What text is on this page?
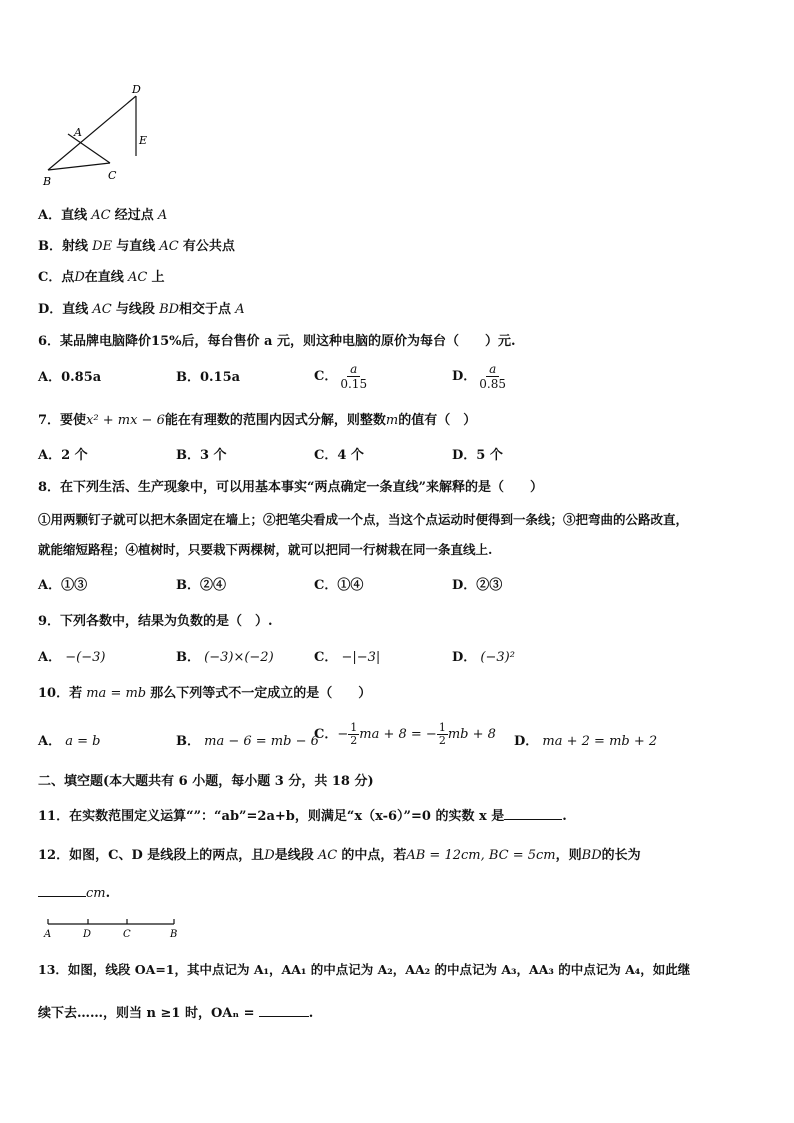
D
A
E
B	C
A．直线 AC 经过点 A
B．射线 DE 与直线 AC 有公共点
C．点D在直线 AC 上
D．直线 AC 与线段 BD相交于点 A
6．某品牌电脑降价15%后，每台售价 a 元，则这种电脑的原价为每台（　　）元.
A．0.85a	B．0.15a	C． $\frac{a}{0.15}$	D． $\frac{a}{0.85}$
7．要使x² + mx − 6能在有理数的范围内因式分解，则整数m的值有（　）
A．2 个	B．3 个	C．4 个	D．5 个
8．在下列生活、生产现象中，可以用基本事实“两点确定一条直线”来解释的是（　　）
①用两颗钉子就可以把木条固定在墙上；②把笔尖看成一个点，当这个点运动时便得到一条线；③把弯曲的公路改直，
就能缩短路程；④植树时，只要栽下两棵树，就可以把同一行树栽在同一条直线上.
A．①③	B．②④	C．①④	D．②③
9．下列各数中，结果为负数的是（　）.
A． −(−3)	B． (−3)×(−2)	C． −|−3|	D． (−3)²
10．若 ma = mb 那么下列等式不一定成立的是（　　）
A． a = b	B． ma − 6 = mb − 6
C．− $\frac{1}{2}$ ma + 8 = − $\frac{1}{2}$ mb + 8 D． ma + 2 = mb + 2
二、填空题(本大题共有 6 小题，每小题 3 分，共 18 分)
11．在实数范围定义运算“”：“ab”=2a+b，则满足“x（x-6）”=0 的实数 x 是	.
12．如图，C、D 是线段上的两点，且D是线段 AC 的中点，若AB = 12cm, BC = 5cm，则BD的长为
cm.
A	D	C	B
13．如图，线段 OA=1，其中点记为 A₁，AA₁ 的中点记为 A₂，AA₂ 的中点记为 A₃，AA₃ 的中点记为 A₄，如此继
续下去……，则当 n ≥1 时，OAₙ =	.
